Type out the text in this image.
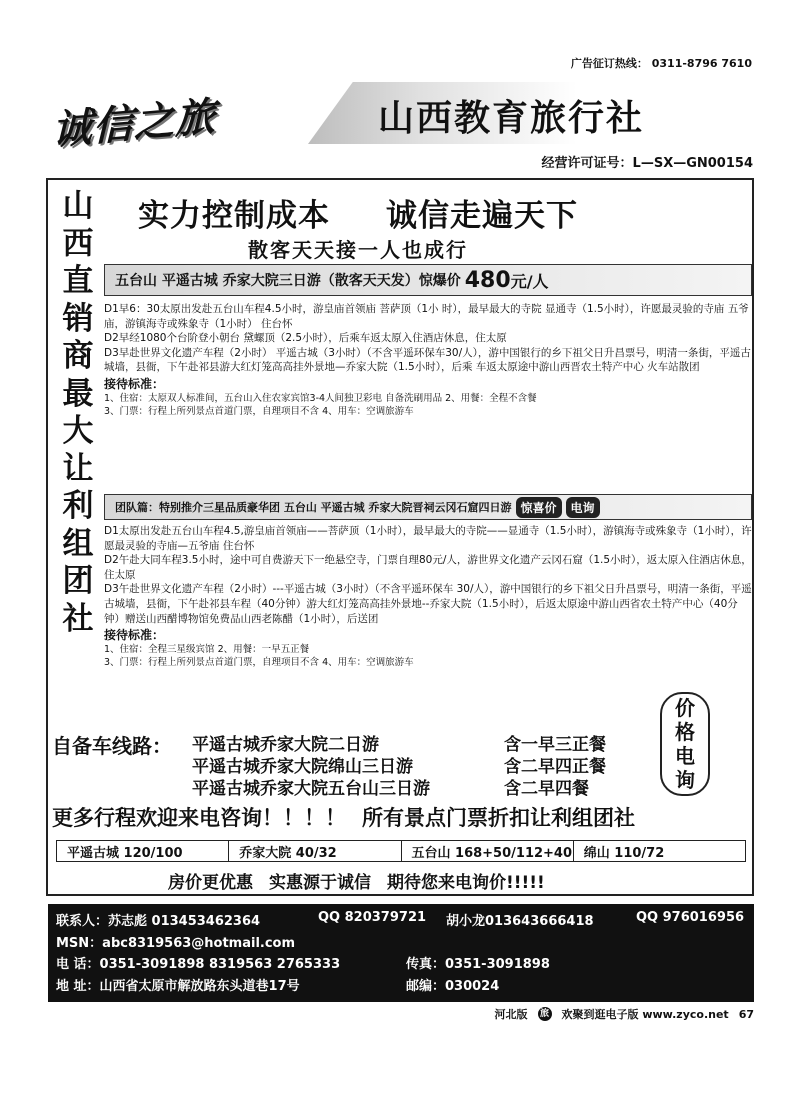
广告征订热线： 0311-8796 7610
诚信之旅	山西教育旅行社
经营许可证号：L—SX—GN00154
山
西
直
销
商
最
大
让
利
组
团
社
实力控制成本 诚信走遍天下
散客天天接一人也成行
五台山 平遥古城 乔家大院三日游（散客天天发）惊爆价 480 元/人

D1早6：30太原出发赴五台山车程4.5小时，游皇庙首领庙 菩萨顶（1小 时），最早最大的寺院 显通寺（1.5小时），许愿最灵验的寺庙 五爷庙，游镇海寺或殊象寺（1小时） 住台怀

D2早经1080个台阶登小朝台 黛螺顶（2.5小时），后乘车返太原入住酒店休息，住太原

D3早赴世界文化遗产车程（2小时） 平遥古城（3小时）（不含平遥环保车30/人），游中国银行的乡下祖父日升昌票号，明清一条街，平遥古城墙，县衙，下午赴祁县游大红灯笼高高挂外景地—乔家大院（1.5小时），后乘 车返太原途中游山西晋农土特产中心 火车站散团

接待标准：

1、住宿：太原双人标准间，五台山入住农家宾馆3-4人间独卫彩电 自备洗刷用品 2、用餐：全程不含餐

3、门票：行程上所列景点首道门票，自理项目不含 4、用车：空调旅游车

团队篇：特别推介三星品质豪华团 五台山 平遥古城 乔家大院晋祠云冈石窟四日游 惊喜价	电询

D1太原出发赴五台山车程4.5,游皇庙首领庙——菩萨顶（1小时），最早最大的寺院——显通寺（1.5小时），游镇海寺或殊象寺（1小时），许愿最灵验的寺庙—五爷庙 住台怀

D2午赴大同车程3.5小时，途中可自费游天下一绝悬空寺，门票自理80元/人，游世界文化遗产云冈石窟（1.5小时），返太原入住酒店休息， 住太原

D3午赴世界文化遗产车程（2小时）---平遥古城（3小时）（不含平遥环保车 30/人），游中国银行的乡下祖父日升昌票号，明清一条街，平遥古城墙，县衙，下午赴祁县车程（40分钟）游大红灯笼高高挂外景地--乔家大院（1.5小时），后返太原途中游山西省农土特产中心（40分钟）赠送山西醋博物馆免费品山西老陈醋（1小时），后送团

接待标准：

1、住宿：全程三星级宾馆 2、用餐：一早五正餐

3、门票：行程上所列景点首道门票，自理项目不含 4、用车：空调旅游车

价
格
电
询
自备车线路： 平遥古城乔家大院二日游	含一早三正餐
平遥古城乔家大院绵山三日游	含二早四正餐
平遥古城乔家大院五台山三日游	含二早四餐
更多行程欢迎来电咨询！！！！ 所有景点门票折扣让利组团社
平遥古城 120/100	乔家大院 40/32	五台山 168+50/112+40 绵山 110/72
房价更优惠 实惠源于诚信 期待您来电询价!!!!!
联系人：苏志彪 013453462364	QQ 820379721 胡小龙013643666418	QQ 976016956
MSN：abc8319563@hotmail.com
电 话：0351-3091898 8319563 2765333	传真：0351-3091898
地 址：山西省太原市解放路东头道巷17号	邮编：030024
河北版 旅 欢聚到逛电子版 www.zyco.net 67
